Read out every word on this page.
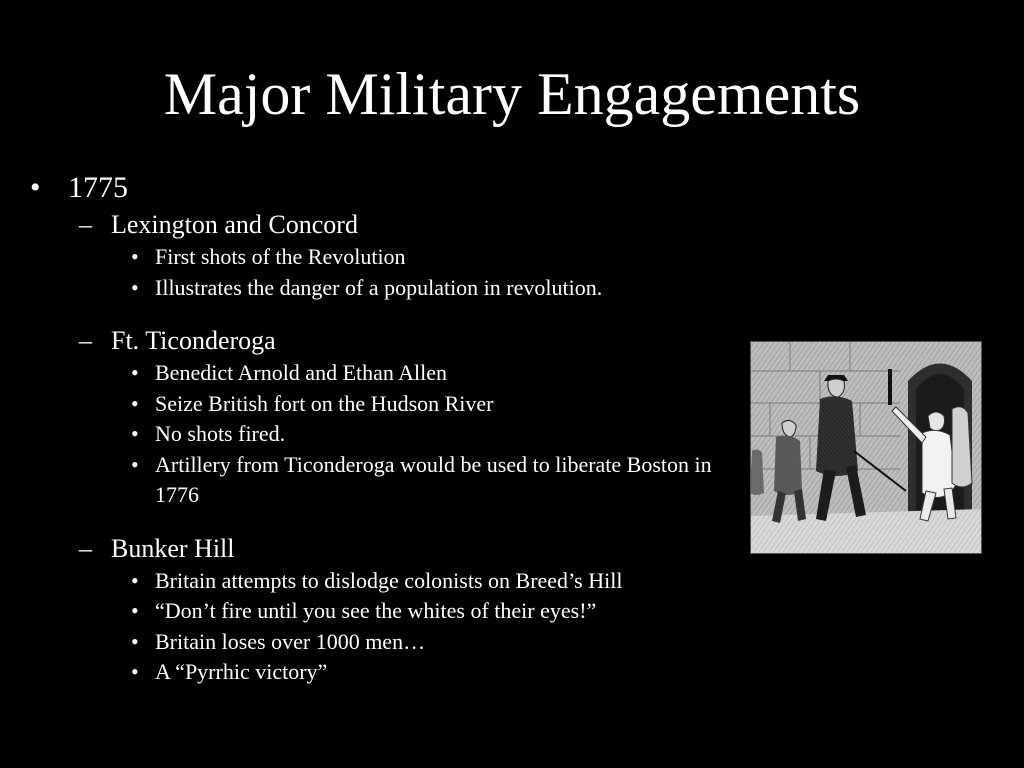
Major Military Engagements
• 1775
– Lexington and Concord
• First shots of the Revolution
• Illustrates the danger of a population in revolution.
– Ft. Ticonderoga
• Benedict Arnold and Ethan Allen
• Seize British fort on the Hudson River
• No shots fired.
• Artillery from Ticonderoga would be used to liberate Boston in 1776
– Bunker Hill
• Britain attempts to dislodge colonists on Breed’s Hill
• “Don’t fire until you see the whites of their eyes!”
• Britain loses over 1000 men…
• A “Pyrrhic victory”
